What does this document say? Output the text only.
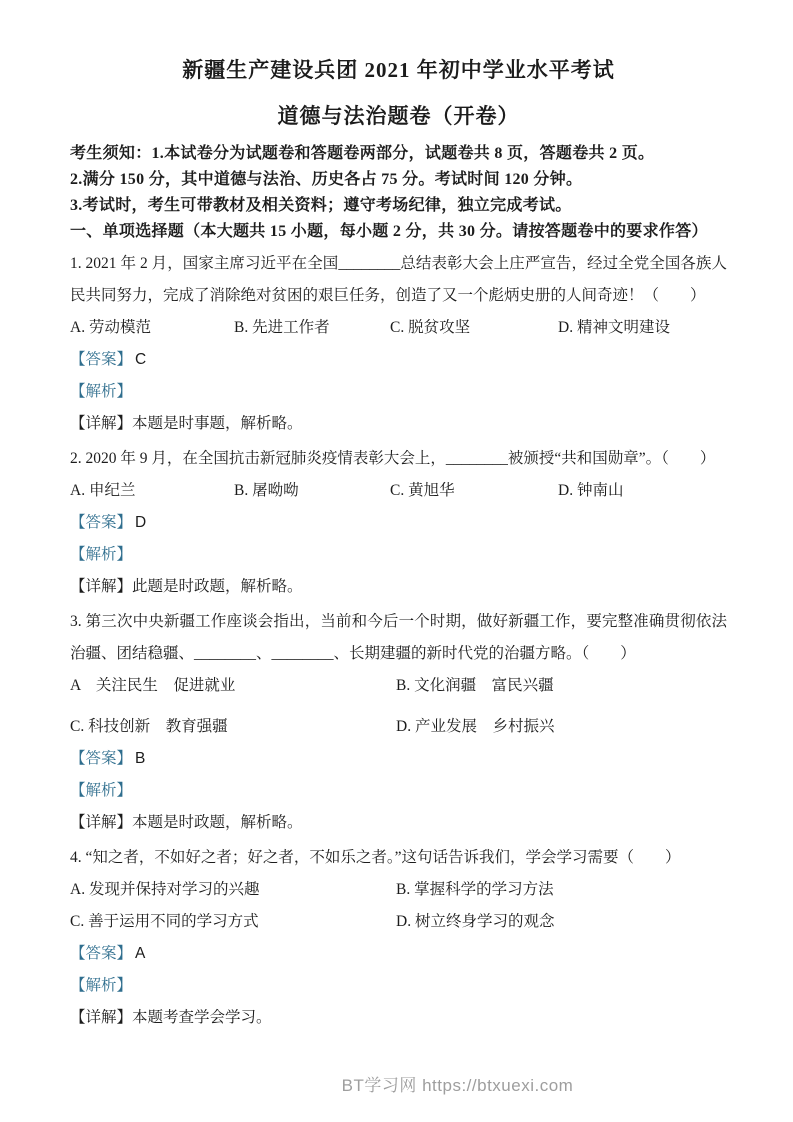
新疆生产建设兵团 2021 年初中学业水平考试
道德与法治题卷（开卷）

考生须知：1.本试卷分为试题卷和答题卷两部分，试题卷共 8 页，答题卷共 2 页。

2.满分 150 分，其中道德与法治、历史各占 75 分。考试时间 120 分钟。

3.考试时，考生可带教材及相关资料；遵守考场纪律，独立完成考试。

一、单项选择题（本大题共 15 小题，每小题 2 分，共 30 分。请按答题卷中的要求作答）

1. 2021 年 2 月，国家主席习近平在全国________总结表彰大会上庄严宣告，经过全党全国各族人民共同努力，完成了消除绝对贫困的艰巨任务，创造了又一个彪炳史册的人间奇迹！（　　）

A. 劳动模范	B. 先进工作者	C. 脱贫攻坚	D. 精神文明建设

【答案】 C

【解析】

【详解】本题是时事题，解析略。

2. 2020 年 9 月，在全国抗击新冠肺炎疫情表彰大会上，________被颁授“共和国勋章”。（　　）

A. 申纪兰	B. 屠呦呦	C. 黄旭华	D. 钟南山

【答案】 D

【解析】

【详解】此题是时政题，解析略。

3. 第三次中央新疆工作座谈会指出，当前和今后一个时期，做好新疆工作，要完整准确贯彻依法治疆、团结稳疆、________、________、长期建疆的新时代党的治疆方略。（　　）

A　关注民生　促进就业	B. 文化润疆　富民兴疆
C. 科技创新　教育强疆	D. 产业发展　乡村振兴

【答案】 B

【解析】

【详解】本题是时政题，解析略。

4. “知之者，不如好之者；好之者，不如乐之者。”这句话告诉我们，学会学习需要（　　）

A. 发现并保持对学习的兴趣	B. 掌握科学的学习方法
C. 善于运用不同的学习方式	D. 树立终身学习的观念

【答案】 A

【解析】

【详解】本题考查学会学习。

BT学习网 https://btxuexi.com
